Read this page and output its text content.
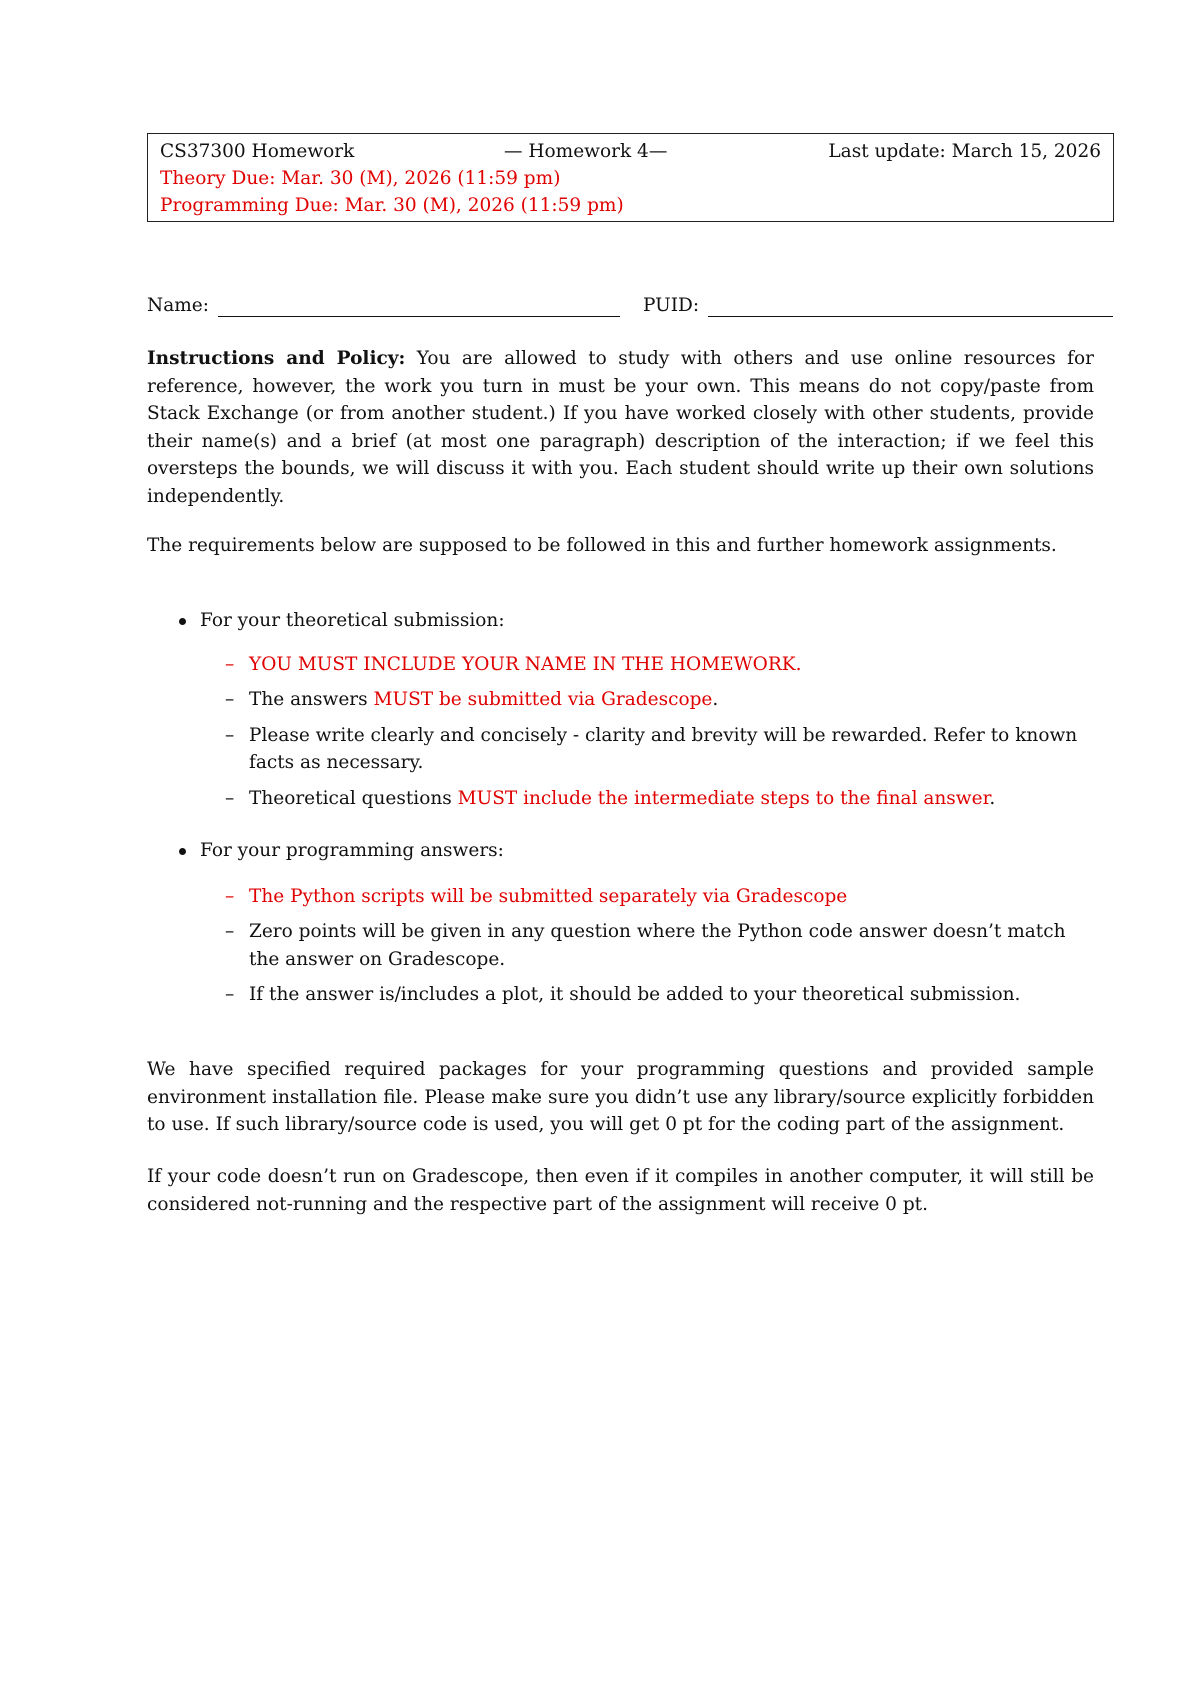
CS37300 Homework	— Homework 4—	Last update: March 15, 2026
Theory Due: Mar. 30 (M), 2026 (11:59 pm)
Programming Due: Mar. 30 (M), 2026 (11:59 pm)
Name:	PUID:

Instructions and Policy: You are allowed to study with others and use online resources for reference, however, the work you turn in must be your own. This means do not copy/paste from Stack Exchange (or from another student.) If you have worked closely with other students, provide their name(s) and a brief (at most one paragraph) description of the interaction; if we feel this oversteps the bounds, we will discuss it with you. Each student should write up their own solutions independently.

The requirements below are supposed to be followed in this and further homework assignments.

For your theoretical submission:
– YOU MUST INCLUDE YOUR NAME IN THE HOMEWORK.
– The answers MUST be submitted via Gradescope.
– Please write clearly and concisely - clarity and brevity will be rewarded. Refer to known facts as necessary.
– Theoretical questions MUST include the intermediate steps to the final answer.
For your programming answers:
– The Python scripts will be submitted separately via Gradescope
– Zero points will be given in any question where the Python code answer doesn’t match the answer on Gradescope.
– If the answer is/includes a plot, it should be added to your theoretical submission.

We have specified required packages for your programming questions and provided sample environment installation file. Please make sure you didn’t use any library/source explicitly forbidden to use. If such library/source code is used, you will get 0 pt for the coding part of the assignment.

If your code doesn’t run on Gradescope, then even if it compiles in another computer, it will still be considered not-running and the respective part of the assignment will receive 0 pt.
